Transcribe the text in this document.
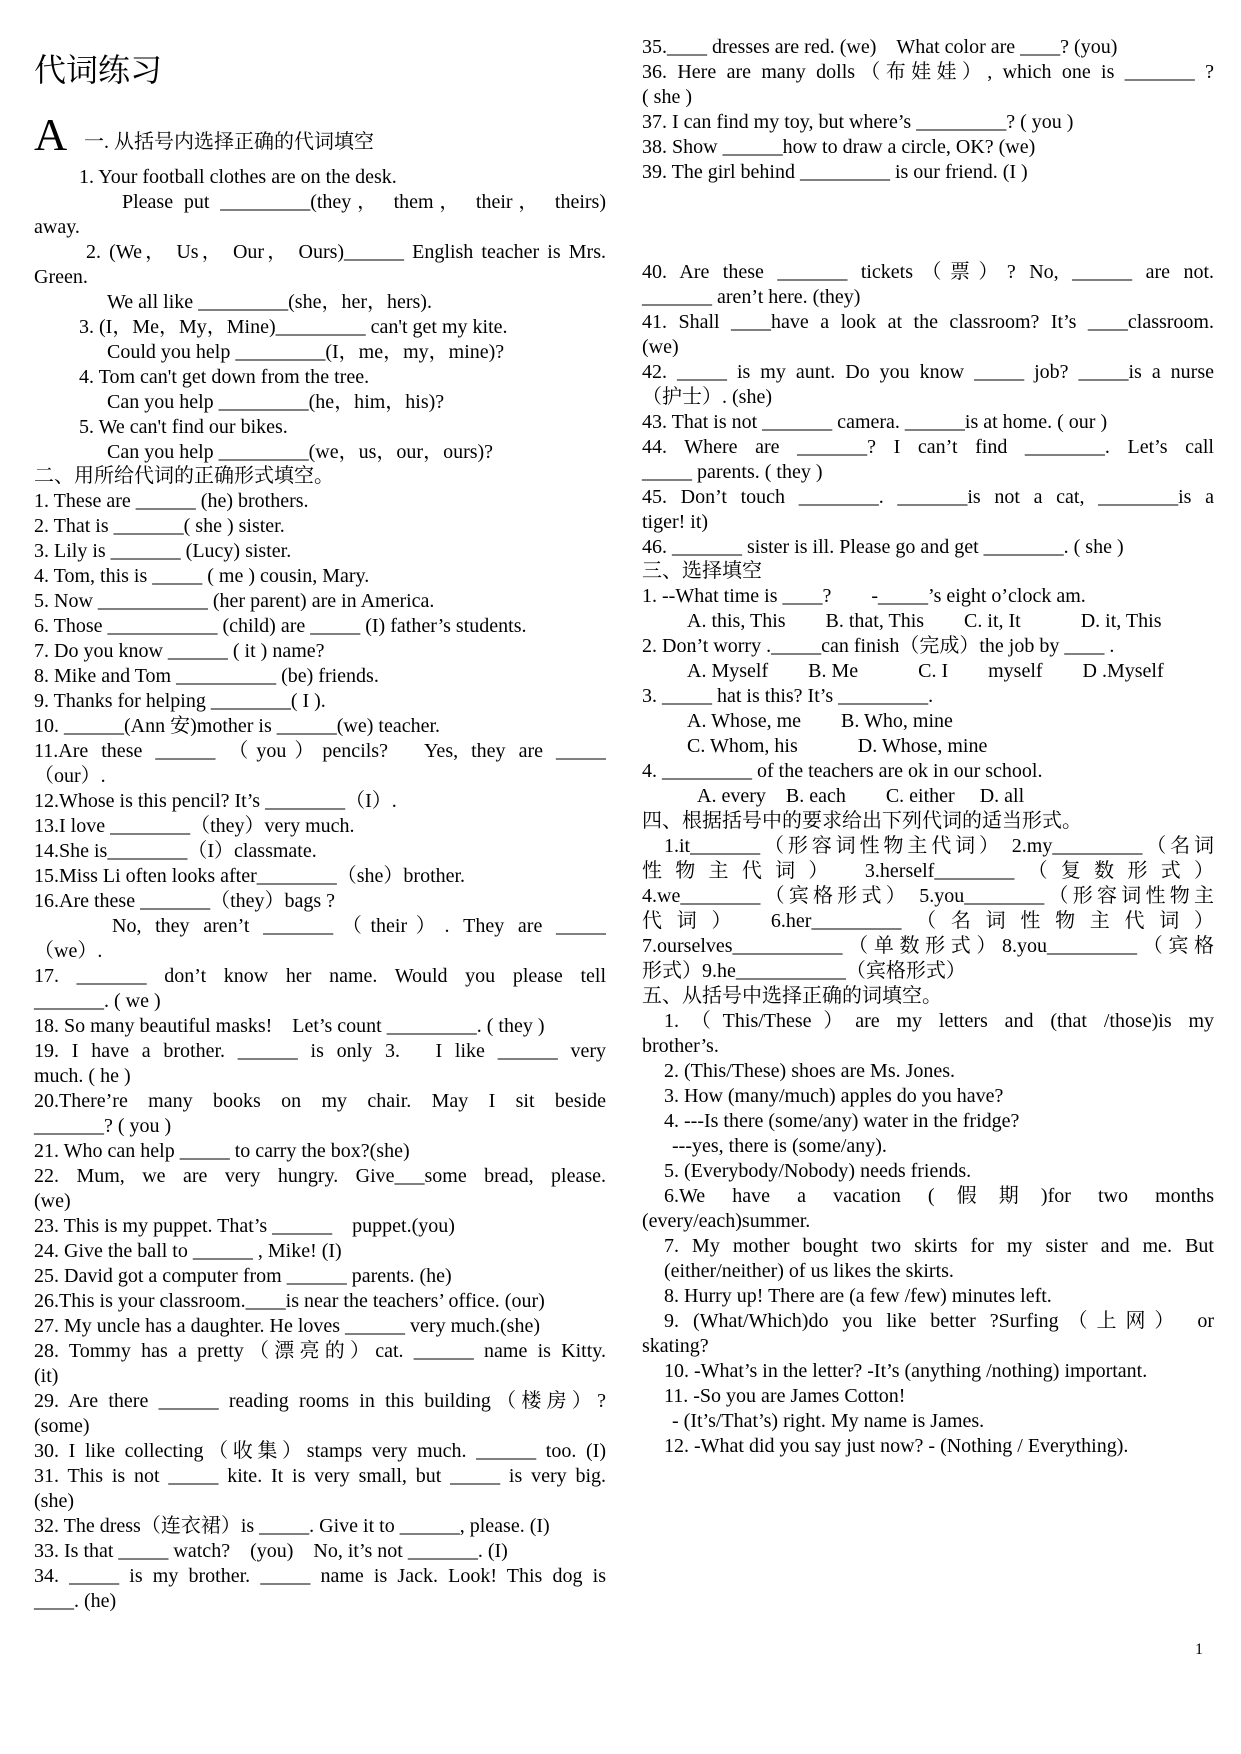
代词练习
A 一. 从括号内选择正确的代词填空
1. Your football clothes are on the desk.
Please put _________(they， them， their， theirs)
away.
2. (We， Us， Our， Ours)______ English teacher is Mrs.
Green.
We all like _________(she，her，hers).
3. (I，Me，My，Mine)_________ can't get my kite.
Could you help _________(I，me，my，mine)?
4. Tom can't get down from the tree.
Can you help _________(he，him，his)?
5. We can't find our bikes.
Can you help _________(we，us，our，ours)?
二、用所给代词的正确形式填空。
1. These are ______ (he) brothers.
2. That is _______( she ) sister.
3. Lily is _______ (Lucy) sister.
4. Tom, this is _____ ( me ) cousin, Mary.
5. Now ___________ (her parent) are in America.
6. Those ___________ (child) are _____ (I) father’s students.
7. Do you know ______ ( it ) name?
8. Mike and Tom __________ (be) friends.
9. Thanks for helping ________( I ).
10. ______(Ann 安)mother is ______(we) teacher.
11.Are these ______ （you）pencils?　Yes, they are _____
（our）.
12.Whose is this pencil? It’s ________（I）.
13.I love ________（they）very much.
14.She is________（I）classmate.
15.Miss Li often looks after________（she）brother.
16.Are these _______（they）bags ?
No, they aren’t _______（their）. They are _____
（we）.
17. _______ don’t know her name. Would you please tell
_______. ( we )
18. So many beautiful masks!　Let’s count _________. ( they )
19. I have a brother. ______ is only 3.　I like ______ very
much. ( he )
20.There’re many books on my chair. May I sit beside
_______? ( you )
21. Who can help _____ to carry the box?(she)
22. Mum, we are very hungry. Give___some bread, please.
(we)
23. This is my puppet. That’s ______　puppet.(you)
24. Give the ball to ______ , Mike! (I)
25. David got a computer from ______ parents. (he)
26.This is your classroom.____is near the teachers’ office. (our)
27. My uncle has a daughter. He loves ______ very much.(she)
28. Tommy has a pretty（漂亮的）cat. ______ name is Kitty.
(it)
29. Are there ______ reading rooms in this building（楼房）?
(some)
30. I like collecting（收集）stamps very much. ______ too. (I)
31. This is not _____ kite. It is very small, but _____ is very big.
(she)
32. The dress（连衣裙）is _____. Give it to ______, please. (I)
33. Is that _____ watch?　(you)　No, it’s not _______. (I)
34. _____ is my brother. _____ name is Jack. Look! This dog is
____. (he)
35.____ dresses are red. (we)　What color are ____? (you)
36. Here are many dolls（布娃娃）, which one is _______ ?
( she )
37. I can find my toy, but where’s _________? ( you )
38. Show ______how to draw a circle, OK? (we)
39. The girl behind _________ is our friend. (I )
40. Are these _______ tickets（票）? No, ______ are not.
_______ aren’t here. (they)
41. Shall ____have a look at the classroom? It’s ____classroom.
(we)
42. _____ is my aunt. Do you know _____ job? _____is a nurse
（护士）. (she)
43. That is not _______ camera. ______is at home. ( our )
44. Where are _______? I can’t find ________. Let’s call
_____ parents. ( they )
45. Don’t touch ________. _______is not a cat, ________is a
tiger! it)
46. _______ sister is ill. Please go and get ________. ( she )
三、选择填空
1. --What time is ____?　　-_____’s eight o’clock am.
A. this, This　　B. that, This　　C. it, It　　　D. it, This
2. Don’t worry ._____can finish（完成）the job by ____ .
A. Myself　　B. Me　　　C. I　　myself　　D .Myself
3. _____ hat is this? It’s _________.
A. Whose, me　　B. Who, mine
C. Whom, his　　　D. Whose, mine
4. _________ of the teachers are ok in our school.
A. every　B. each　　C. either　 D. all
四、根据括号中的要求给出下列代词的适当形式。
1.it_______（形容词性物主代词） 2.my_________（名词
性物主代词）　3.herself________（复数形式）
4.we________（宾格形式） 5.you________（形容词性物主
代词）　6.her_________（名词性物主代词）
7.ourselves___________（单数形式）8.you_________（宾格
形式）9.he___________（宾格形式）
五、从括号中选择正确的词填空。
1.（This/These）are my letters and (that /those)is my
brother’s.
2. (This/These) shoes are Ms. Jones.
3. How (many/much) apples do you have?
4. ---Is there (some/any) water in the fridge?
---yes, there is (some/any).
5. (Everybody/Nobody) needs friends.
6.We have a vacation (假期)for two months
(every/each)summer.
7. My mother bought two skirts for my sister and me. But
(either/neither) of us likes the skirts.
8. Hurry up! There are (a few /few) minutes left.
9. (What/Which)do you like better ?Surfing（上网） or
skating?
10. -What’s in the letter? -It’s (anything /nothing) important.
11. -So you are James Cotton!
- (It’s/That’s) right. My name is James.
12. -What did you say just now? - (Nothing / Everything).
1
